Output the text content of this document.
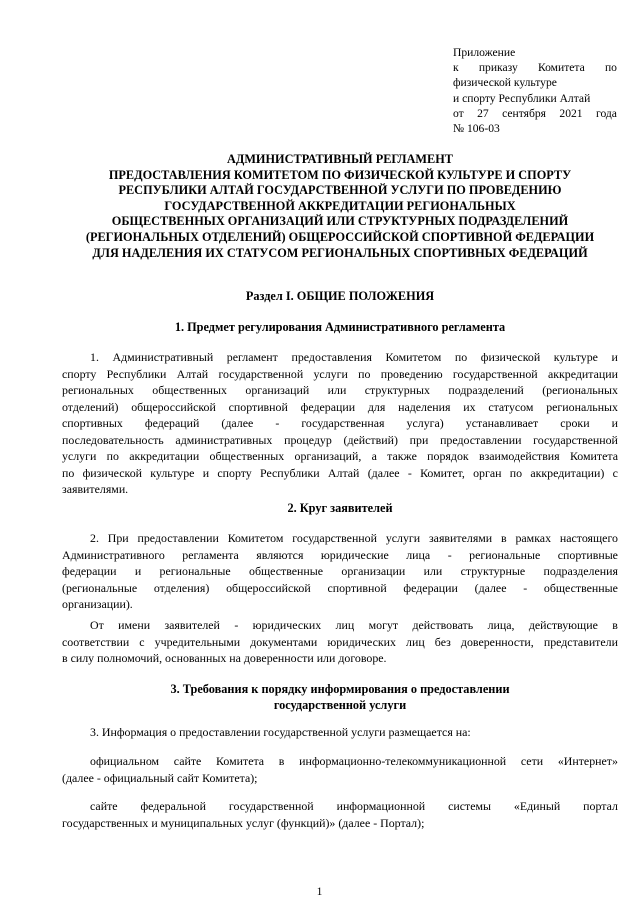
Приложение
к приказу Комитета по
физической культуре
и спорту Республики Алтай
от 27 сентября 2021 года
№ 106-03
АДМИНИСТРАТИВНЫЙ РЕГЛАМЕНТ
ПРЕДОСТАВЛЕНИЯ КОМИТЕТОМ ПО ФИЗИЧЕСКОЙ КУЛЬТУРЕ И СПОРТУ
РЕСПУБЛИКИ АЛТАЙ ГОСУДАРСТВЕННОЙ УСЛУГИ ПО ПРОВЕДЕНИЮ
ГОСУДАРСТВЕННОЙ АККРЕДИТАЦИИ РЕГИОНАЛЬНЫХ
ОБЩЕСТВЕННЫХ ОРГАНИЗАЦИЙ ИЛИ СТРУКТУРНЫХ ПОДРАЗДЕЛЕНИЙ
(РЕГИОНАЛЬНЫХ ОТДЕЛЕНИЙ) ОБЩЕРОССИЙСКОЙ СПОРТИВНОЙ ФЕДЕРАЦИИ
ДЛЯ НАДЕЛЕНИЯ ИХ СТАТУСОМ РЕГИОНАЛЬНЫХ СПОРТИВНЫХ ФЕДЕРАЦИЙ
Раздел I. ОБЩИЕ ПОЛОЖЕНИЯ
1. Предмет регулирования Административного регламента
1. Административный регламент предоставления Комитетом по физической культуре и
спорту Республики Алтай государственной услуги по проведению государственной аккредитации
региональных общественных организаций или структурных подразделений (региональных
отделений) общероссийской спортивной федерации для наделения их статусом региональных
спортивных федераций (далее - государственная услуга) устанавливает сроки и
последовательность административных процедур (действий) при предоставлении государственной
услуги по аккредитации общественных организаций, а также порядок взаимодействия Комитета
по физической культуре и спорту Республики Алтай (далее - Комитет, орган по аккредитации) с
заявителями.
2. Круг заявителей
2. При предоставлении Комитетом государственной услуги заявителями в рамках настоящего
Административного регламента являются юридические лица - региональные спортивные
федерации и региональные общественные организации или структурные подразделения
(региональные отделения) общероссийской спортивной федерации (далее - общественные
организации).
От имени заявителей - юридических лиц могут действовать лица, действующие в
соответствии с учредительными документами юридических лиц без доверенности, представители
в силу полномочий, основанных на доверенности или договоре.
3. Требования к порядку информирования о предоставлении
государственной услуги
3. Информация о предоставлении государственной услуги размещается на:
официальном сайте Комитета в информационно-телекоммуникационной сети «Интернет»
(далее - официальный сайт Комитета);
сайте федеральной государственной информационной системы «Единый портал
государственных и муниципальных услуг (функций)» (далее - Портал);
1
